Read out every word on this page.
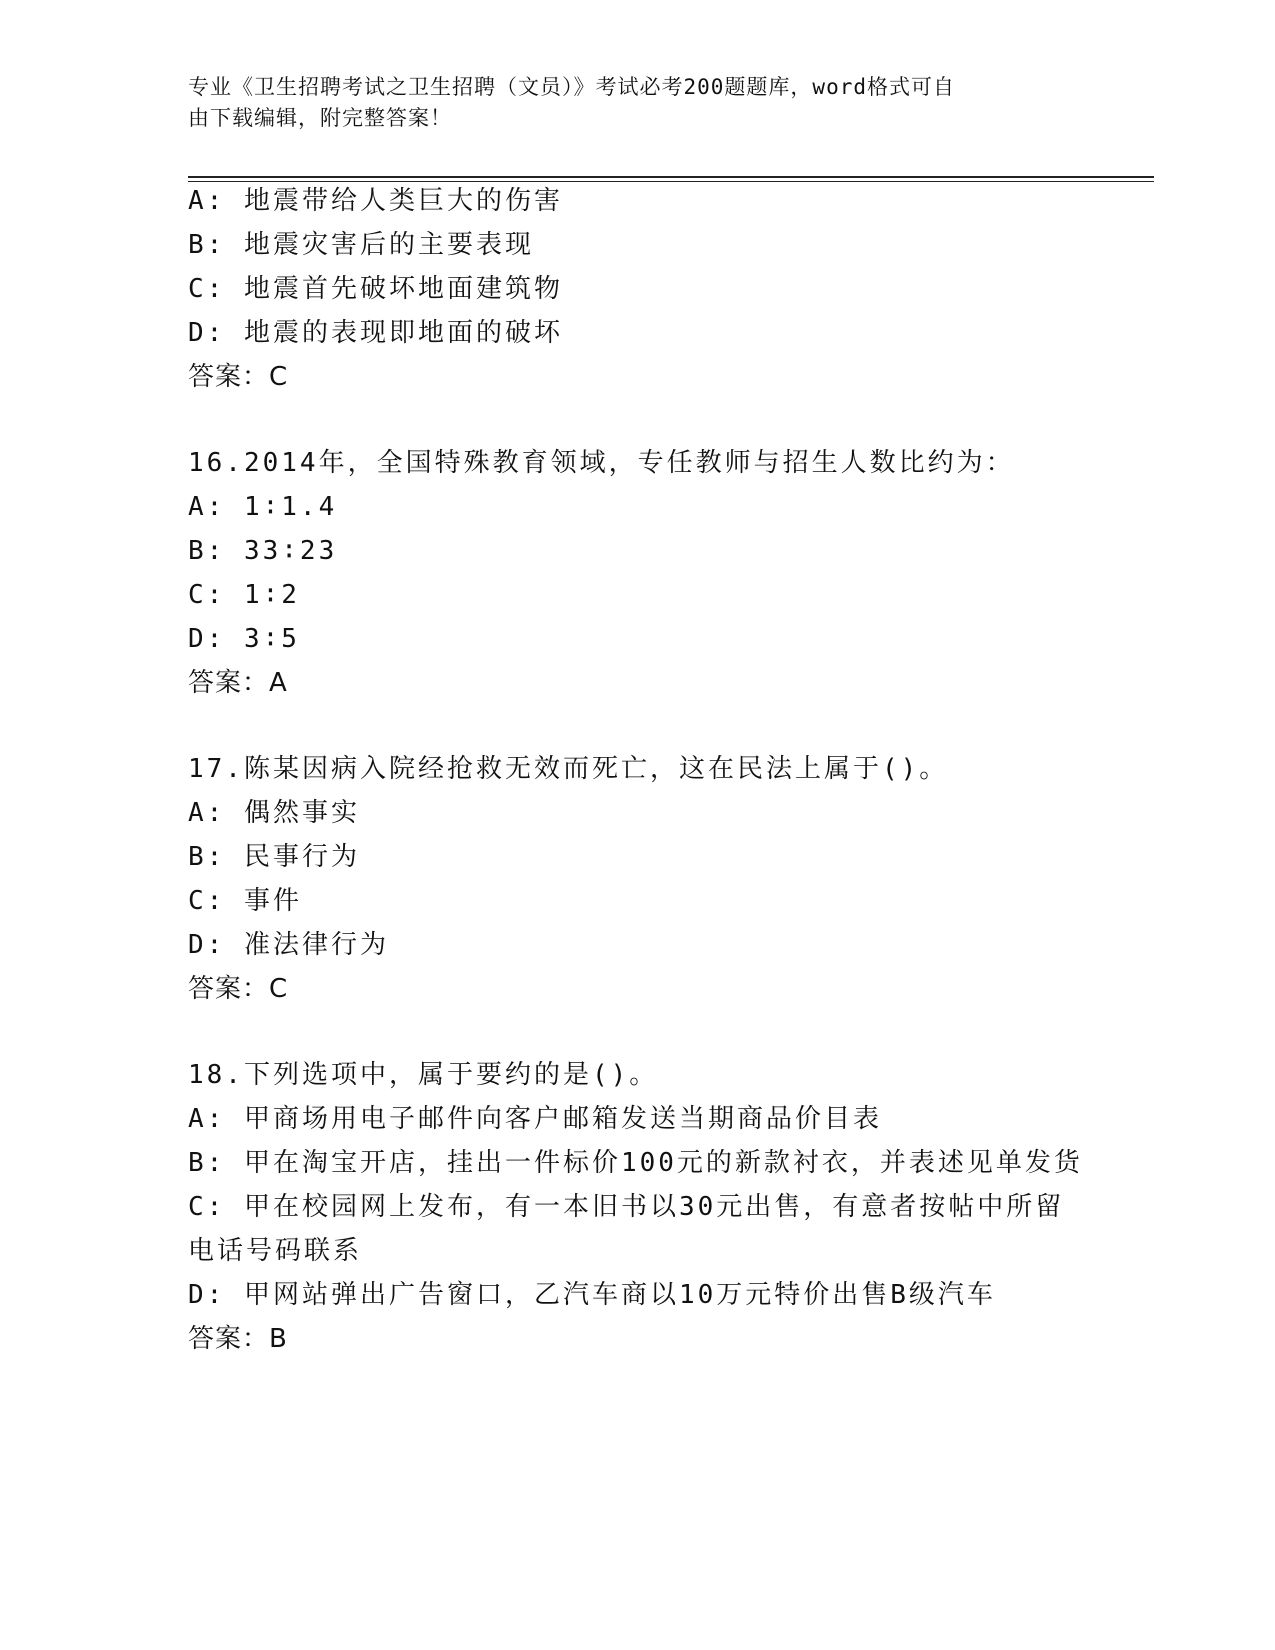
专业《卫生招聘考试之卫生招聘（文员）》考试必考200题题库，word格式可自
由下载编辑，附完整答案！
A: 地震带给人类巨大的伤害
B: 地震灾害后的主要表现
C: 地震首先破坏地面建筑物
D: 地震的表现即地面的破坏
答案：C
16.2014年，全国特殊教育领域，专任教师与招生人数比约为：
A: 1∶1.4
B: 33∶23
C: 1∶2
D: 3∶5
答案：A
17.陈某因病入院经抢救无效而死亡，这在民法上属于()。
A: 偶然事实
B: 民事行为
C: 事件
D: 准法律行为
答案：C
18.下列选项中，属于要约的是()。
A: 甲商场用电子邮件向客户邮箱发送当期商品价目表
B: 甲在淘宝开店，挂出一件标价100元的新款衬衣，并表述见单发货
C: 甲在校园网上发布，有一本旧书以30元出售，有意者按帖中所留
电话号码联系
D: 甲网站弹出广告窗口，乙汽车商以10万元特价出售B级汽车
答案：B
